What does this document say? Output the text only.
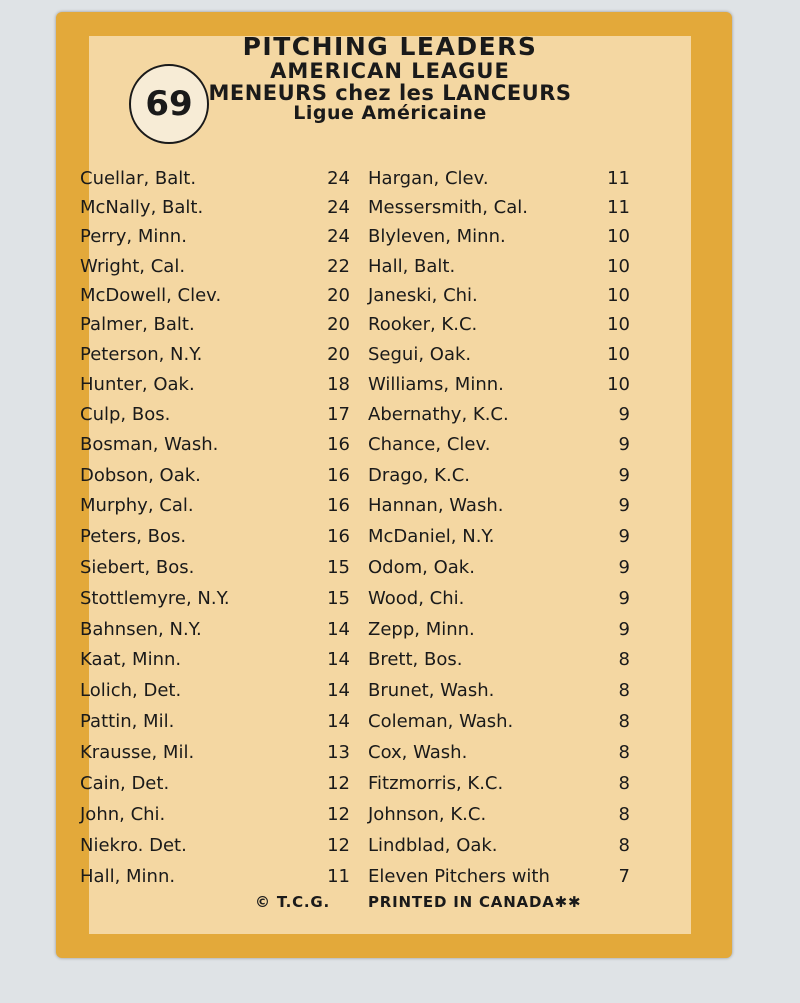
69
PITCHING LEADERS
AMERICAN LEAGUE
MENEURS chez les LANCEURS
Ligue Américaine
Cuellar, Balt.	24 Hargan, Clev.	11
McNally, Balt.	24 Messersmith, Cal.	11
Perry, Minn.	24 Blyleven, Minn.	10
Wright, Cal.	22 Hall, Balt.	10
McDowell, Clev.	20 Janeski, Chi.	10
Palmer, Balt.	20 Rooker, K.C.	10
Peterson, N.Y.	20 Segui, Oak.	10
Hunter, Oak.	18 Williams, Minn.	10
Culp, Bos.	17 Abernathy, K.C.	9
Bosman, Wash.	16 Chance, Clev.	9
Dobson, Oak.	16 Drago, K.C.	9
Murphy, Cal.	16 Hannan, Wash.	9
Peters, Bos.	16 McDaniel, N.Y.	9
Siebert, Bos.	15 Odom, Oak.	9
Stottlemyre, N.Y.	15 Wood, Chi.	9
Bahnsen, N.Y.	14 Zepp, Minn.	9
Kaat, Minn.	14 Brett, Bos.	8
Lolich, Det.	14 Brunet, Wash.	8
Pattin, Mil.	14 Coleman, Wash.	8
Krausse, Mil.	13 Cox, Wash.	8
Cain, Det.	12 Fitzmorris, K.C.	8
John, Chi.	12 Johnson, K.C.	8
Niekro. Det.	12 Lindblad, Oak.	8
Hall, Minn.	11 Eleven Pitchers with	7
© T.C.G.	PRINTED IN CANADA✱✱
